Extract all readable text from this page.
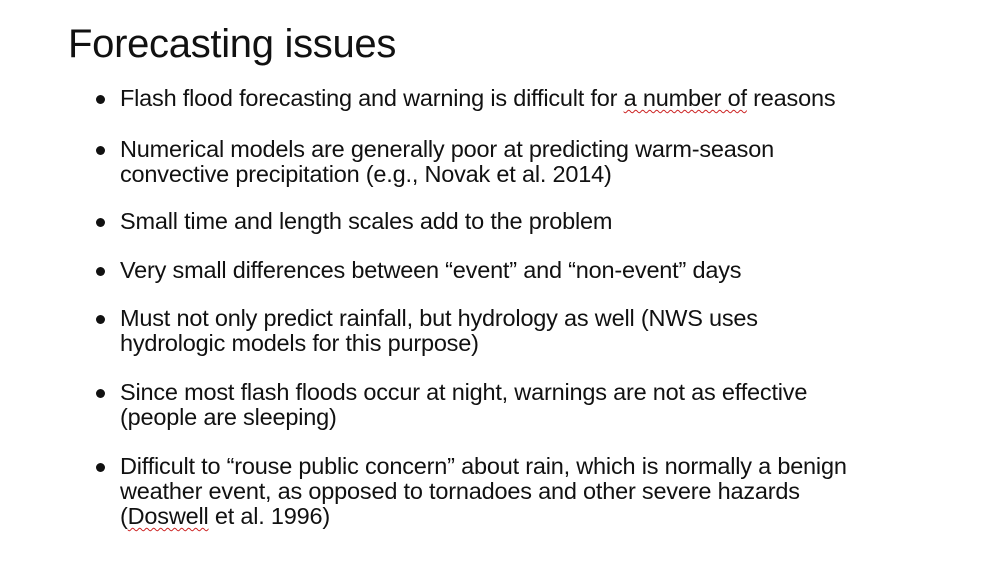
Forecasting issues
Flash flood forecasting and warning is difficult for a number of reasons
Numerical models are generally poor at predicting warm-season
convective precipitation (e.g., Novak et al. 2014)
Small time and length scales add to the problem
Very small differences between “event” and “non-event” days
Must not only predict rainfall, but hydrology as well (NWS uses
hydrologic models for this purpose)
Since most flash floods occur at night, warnings are not as effective
(people are sleeping)
Difficult to “rouse public concern” about rain, which is normally a benign
weather event, as opposed to tornadoes and other severe hazards
(Doswell et al. 1996)
